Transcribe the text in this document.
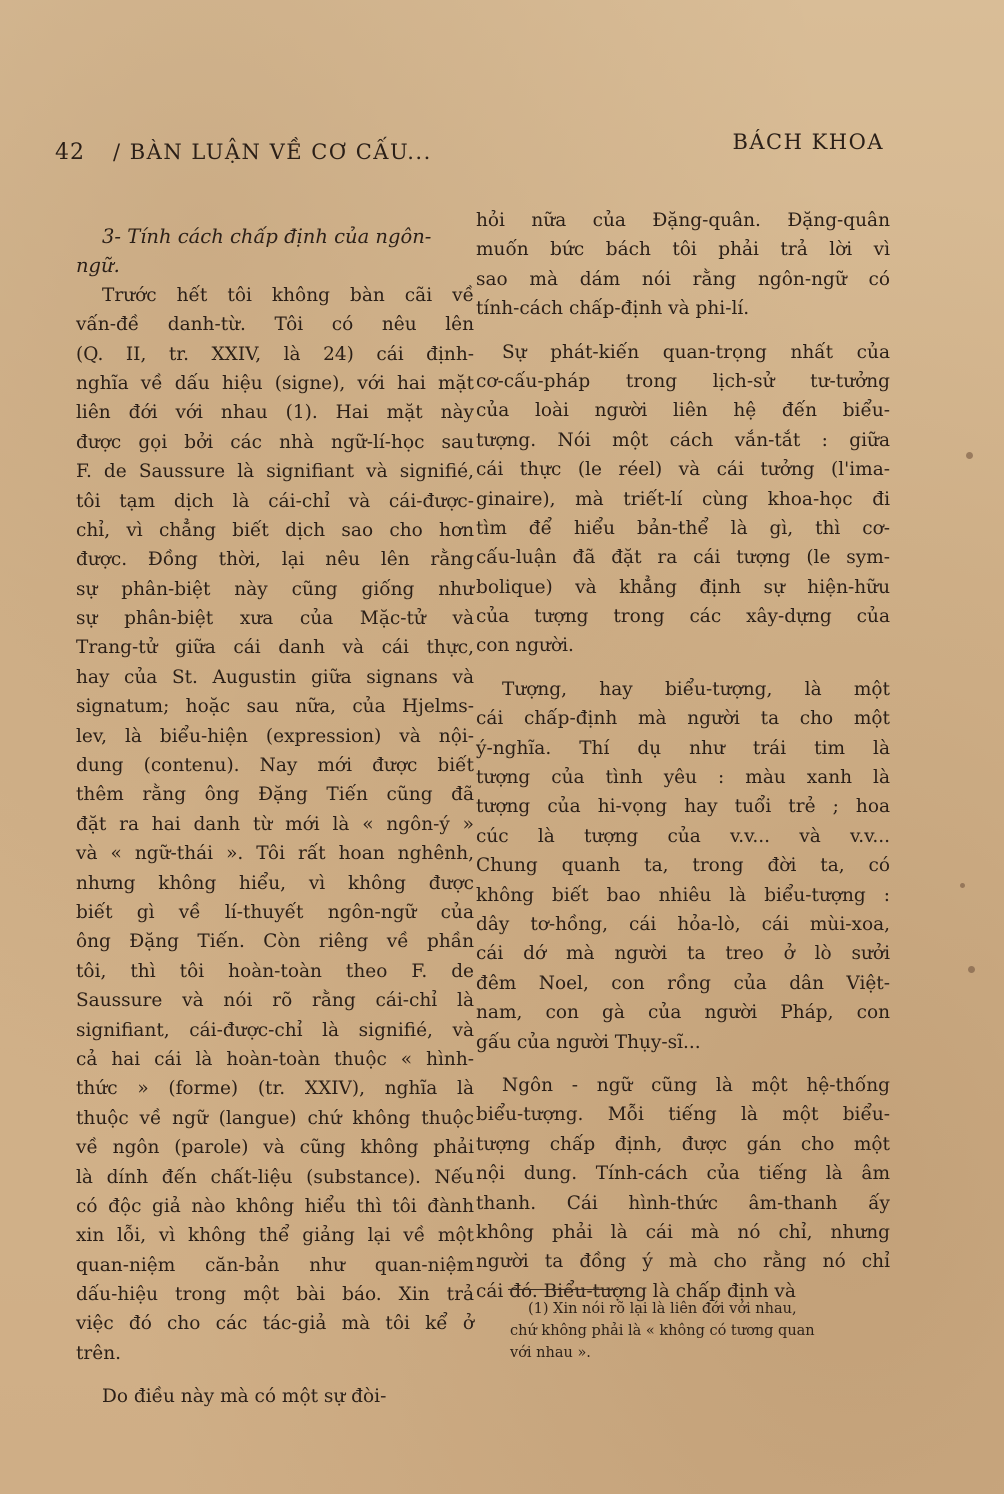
42 / BÀN LUẬN VỀ CƠ CẤU...	BÁCH KHOA
3- Tính cách chấp định của ngôn-
ngữ.
Trước hết tôi không bàn cãi về
vấn-đề danh-từ. Tôi có nêu lên
(Q. II, tr. XXIV, là 24) cái định-
nghĩa về dấu hiệu (signe), với hai mặt
liên đới với nhau (1). Hai mặt này
được gọi bởi các nhà ngữ-lí-học sau
F. de Saussure là signifiant và signifié,
tôi tạm dịch là cái-chỉ và cái-được-
chỉ, vì chẳng biết dịch sao cho hơn
được. Đồng thời, lại nêu lên rằng
sự phân-biệt này cũng giống như
sự phân-biệt xưa của Mặc-tử và
Trang-tử giữa cái danh và cái thực,
hay của St. Augustin giữa signans và
signatum; hoặc sau nữa, của Hjelms-
lev, là biểu-hiện (expression) và nội-
dung (contenu). Nay mới được biết
thêm rằng ông Đặng Tiến cũng đã
đặt ra hai danh từ mới là « ngôn-ý »
và « ngữ-thái ». Tôi rất hoan nghênh,
nhưng không hiểu, vì không được
biết gì về lí-thuyết ngôn-ngữ của
ông Đặng Tiến. Còn riêng về phần
tôi, thì tôi hoàn-toàn theo F. de
Saussure và nói rõ rằng cái-chỉ là
signifiant, cái-được-chỉ là signifié, và
cả hai cái là hoàn-toàn thuộc « hình-
thức » (forme) (tr. XXIV), nghĩa là
thuộc về ngữ (langue) chứ không thuộc
về ngôn (parole) và cũng không phải
là dính đến chất-liệu (substance). Nếu
có độc giả nào không hiểu thì tôi đành
xin lỗi, vì không thể giảng lại về một
quan-niệm căn-bản như quan-niệm
dấu-hiệu trong một bài báo. Xin trả
việc đó cho các tác-giả mà tôi kể ở
trên.
Do điều này mà có một sự đòi-
hỏi nữa của Đặng-quân. Đặng-quân
muốn bức bách tôi phải trả lời vì
sao mà dám nói rằng ngôn-ngữ có
tính-cách chấp-định và phi-lí.
Sự phát-kiến quan-trọng nhất của
cơ-cấu-pháp trong lịch-sử tư-tưởng
của loài người liên hệ đến biểu-
tượng. Nói một cách vắn-tắt : giữa
cái thực (le réel) và cái tưởng (l'ima-
ginaire), mà triết-lí cùng khoa-học đi
tìm để hiểu bản-thể là gì, thì cơ-
cấu-luận đã đặt ra cái tượng (le sym-
bolique) và khẳng định sự hiện-hữu
của tượng trong các xây-dựng của
con người.
Tượng, hay biểu-tượng, là một
cái chấp-định mà người ta cho một
ý-nghĩa. Thí dụ như trái tim là
tượng của tình yêu : màu xanh là
tượng của hi-vọng hay tuổi trẻ ; hoa
cúc là tượng của v.v... và v.v...
Chung quanh ta, trong đời ta, có
không biết bao nhiêu là biểu-tượng :
dây tơ-hồng, cái hỏa-lò, cái mùi-xoa,
cái dớ mà người ta treo ở lò sưởi
đêm Noel, con rồng của dân Việt-
nam, con gà của người Pháp, con
gấu của người Thụy-sĩ...
Ngôn - ngữ cũng là một hệ-thống
biểu-tượng. Mỗi tiếng là một biểu-
tượng chấp định, được gán cho một
nội dung. Tính-cách của tiếng là âm
thanh. Cái hình-thức âm-thanh ấy
không phải là cái mà nó chỉ, nhưng
người ta đồng ý mà cho rằng nó chỉ
cái đó. Biểu-tượng là chấp định và
(1) Xin nói rõ lại là liên đới với nhau,
chứ không phải là « không có tương quan
với nhau ».
